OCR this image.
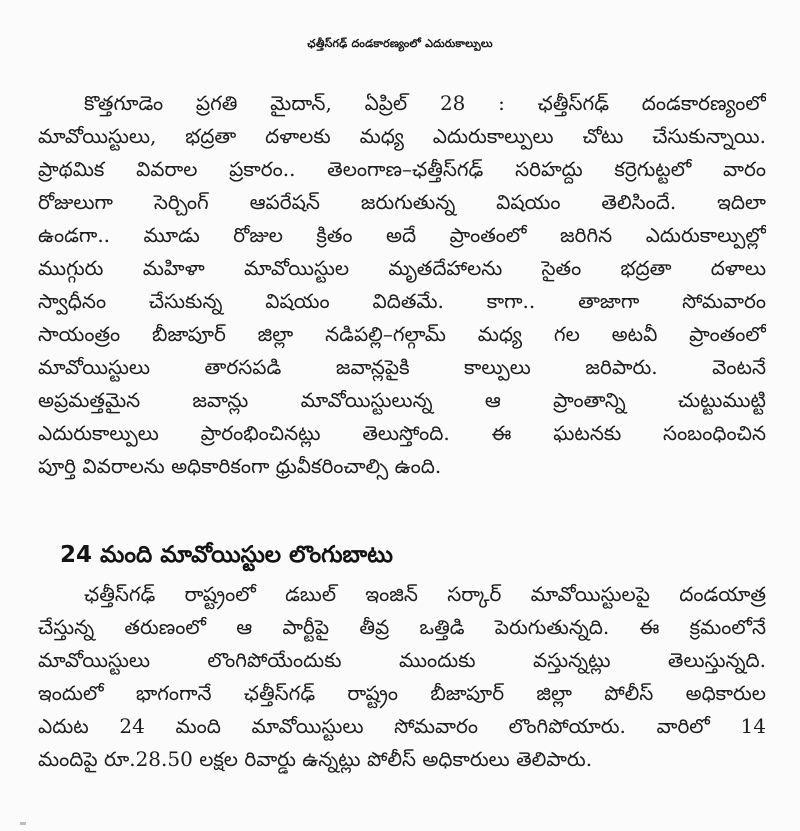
ఛత్తీస్‌గఢ్‌ దండకారణ్యంలో ఎదురుకాల్పులు
కొత్తగూడెం ప్రగతి మైదాన్‌, ఏప్రిల్‌ 28 : ఛత్తీస్‌గఢ్‌ దండకారణ్యంలో
మావోయిస్టులు, భద్రతా దళాలకు మధ్య ఎదురుకాల్పులు చోటు చేసుకున్నాయి.
ప్రాథమిక వివరాల ప్రకారం.. తెలంగాణ–ఛత్తీస్‌గఢ్‌ సరిహద్దు కర్రెగుట్టలో వారం
రోజులుగా సెర్చింగ్‌ ఆపరేషన్‌ జరుగుతున్న విషయం తెలిసిందే. ఇదిలా
ఉండగా.. మూడు రోజుల క్రితం అదే ప్రాంతంలో జరిగిన ఎదురుకాల్పుల్లో
ముగ్గురు మహిళా మావోయిస్టుల మృతదేహాలను సైతం భద్రతా దళాలు
స్వాధీనం చేసుకున్న విషయం విదితమే. కాగా.. తాజాగా సోమవారం
సాయంత్రం బీజాపూర్‌ జిల్లా నడిపల్లి–గల్గామ్‌ మధ్య గల అటవీ ప్రాంతంలో
మావోయిస్టులు తారసపడి జవాన్లపైకి కాల్పులు జరిపారు. వెంటనే
అప్రమత్తమైన జవాన్లు మావోయిస్టులున్న ఆ ప్రాంతాన్ని చుట్టుముట్టి
ఎదురుకాల్పులు ప్రారంభించినట్లు తెలుస్తోంది. ఈ ఘటనకు సంబంధించిన
పూర్తి వివరాలను అధికారికంగా ధ్రువీకరించాల్సి ఉంది.
24 మంది మావోయిస్టుల లొంగుబాటు
ఛత్తీస్‌గఢ్‌ రాష్ట్రంలో డబుల్‌ ఇంజిన్‌ సర్కార్‌ మావోయిస్టులపై దండయాత్ర
చేస్తున్న తరుణంలో ఆ పార్టీపై తీవ్ర ఒత్తిడి పెరుగుతున్నది. ఈ క్రమంలోనే
మావోయిస్టులు లొంగిపోయేందుకు ముందుకు వస్తున్నట్లు తెలుస్తున్నది.
ఇందులో భాగంగానే ఛత్తీస్‌గఢ్‌ రాష్ట్రం బీజాపూర్‌ జిల్లా పోలీస్‌ అధికారుల
ఎదుట 24 మంది మావోయిస్టులు సోమవారం లొంగిపోయారు. వారిలో 14
మందిపై రూ.28.50 లక్షల రివార్డు ఉన్నట్లు పోలీస్‌ అధికారులు తెలిపారు.
